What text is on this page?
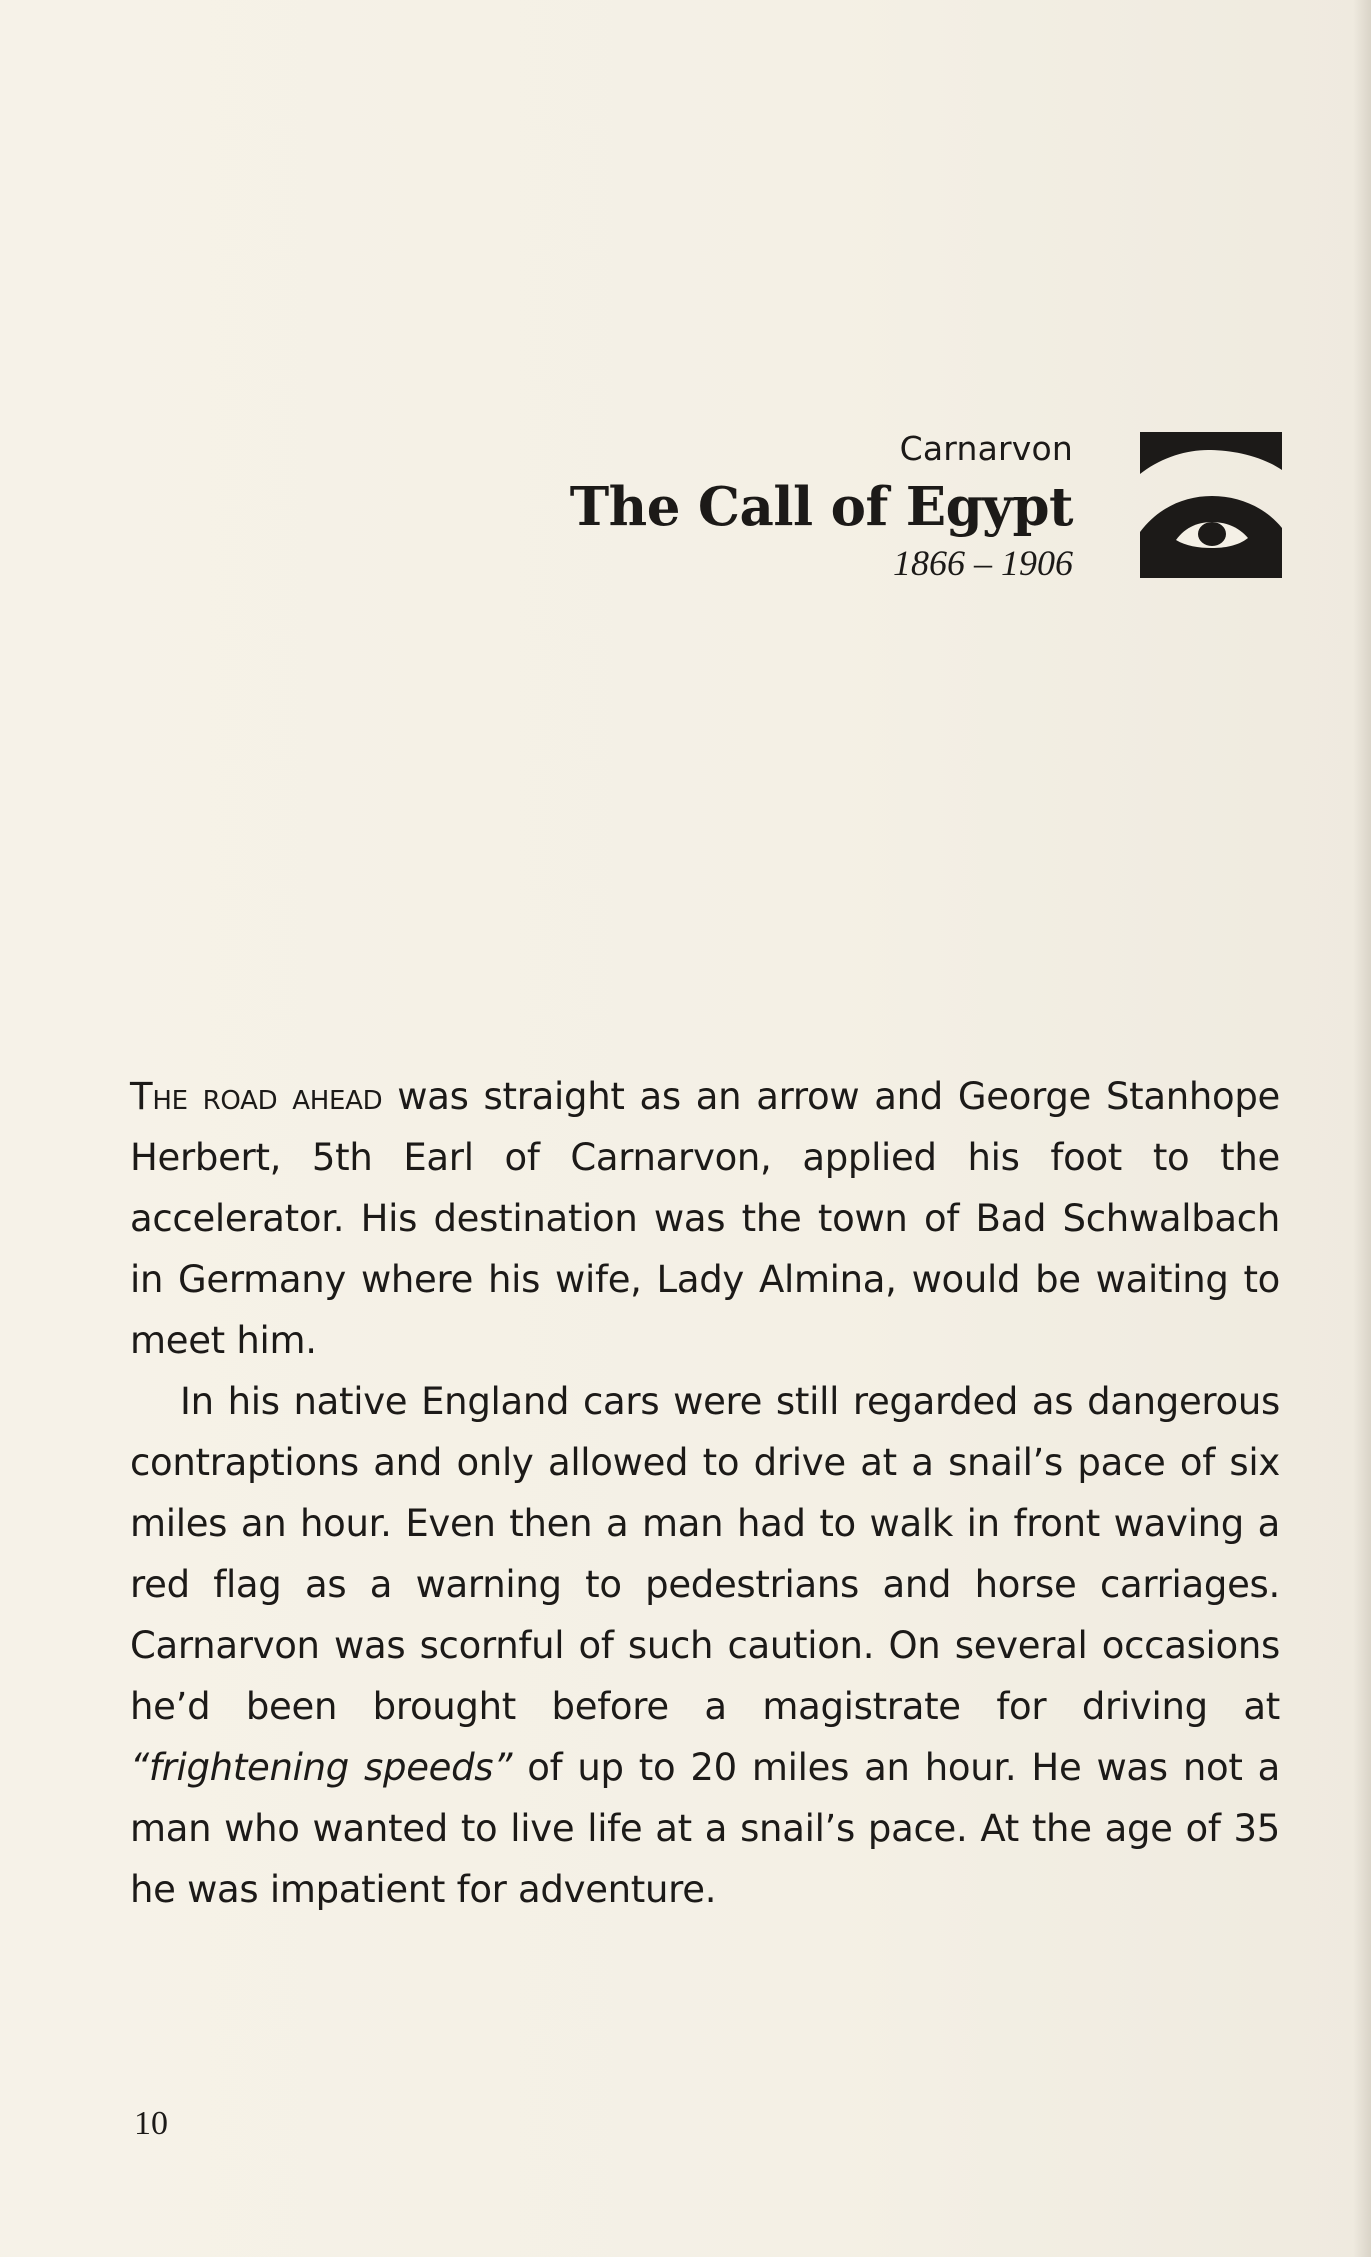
Carnarvon

The Call of Egypt

1866 – 1906

The road ahead was straight as an arrow and George Stanhope Herbert, 5th Earl of Carnarvon, applied his foot to the accelerator. His destination was the town of Bad Schwalbach in Germany where his wife, Lady Almina, would be waiting to meet him.

In his native England cars were still regarded as dangerous contraptions and only allowed to drive at a snail’s pace of six miles an hour. Even then a man had to walk in front waving a red flag as a warning to pedestrians and horse carriages. Carnarvon was scornful of such caution. On several occasions he’d been brought before a magistrate for driving at “frightening speeds” of up to 20 miles an hour. He was not a man who wanted to live life at a snail’s pace. At the age of 35 he was impatient for adventure.

10
